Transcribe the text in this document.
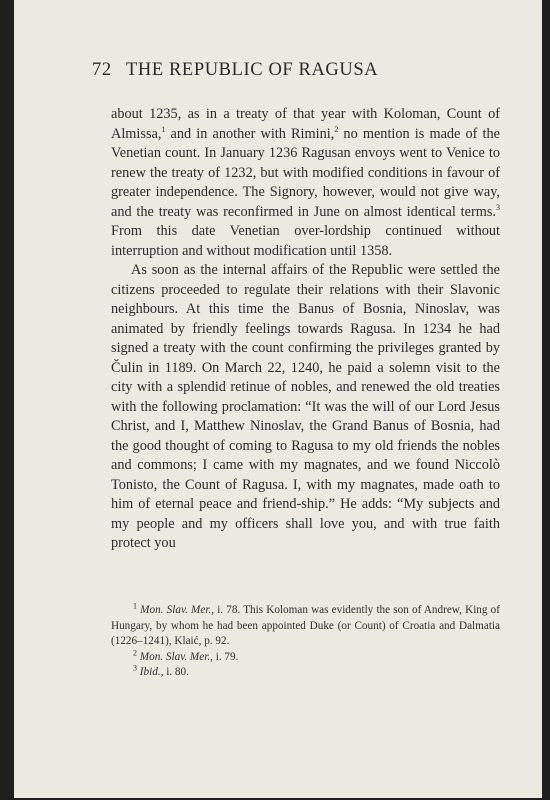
72 THE REPUBLIC OF RAGUSA

about 1235, as in a treaty of that year with Koloman, Count of Almissa,$^1$ and in another with Rimini,$^2$ no mention is made of the Venetian count. In January 1236 Ragusan envoys went to Venice to renew the treaty of 1232, but with modified conditions in favour of greater independence. The Signory, however, would not give way, and the treaty was reconfirmed in June on almost identical terms.$^3$ From this date Venetian over-lordship continued without interruption and without modification until 1358.

As soon as the internal affairs of the Republic were settled the citizens proceeded to regulate their relations with their Slavonic neighbours. At this time the Banus of Bosnia, Ninoslav, was animated by friendly feelings towards Ragusa. In 1234 he had signed a treaty with the count confirming the privileges granted by Čulin in 1189. On March 22, 1240, he paid a solemn visit to the city with a splendid retinue of nobles, and renewed the old treaties with the following proclamation: “It was the will of our Lord Jesus Christ, and I, Matthew Ninoslav, the Grand Banus of Bosnia, had the good thought of coming to Ragusa to my old friends the nobles and commons; I came with my magnates, and we found Niccolò Tonisto, the Count of Ragusa. I, with my magnates, made oath to him of eternal peace and friend-ship.” He adds: “My subjects and my people and my officers shall love you, and with true faith protect you

$^1$ Mon. Slav. Mer., i. 78. This Koloman was evidently the son of Andrew, King of Hungary, by whom he had been appointed Duke (or Count) of Croatia and Dalmatia (1226–1241), Klaić, p. 92.
$^2$ Mon. Slav. Mer., i. 79.
$^3$ Ibid., i. 80.
